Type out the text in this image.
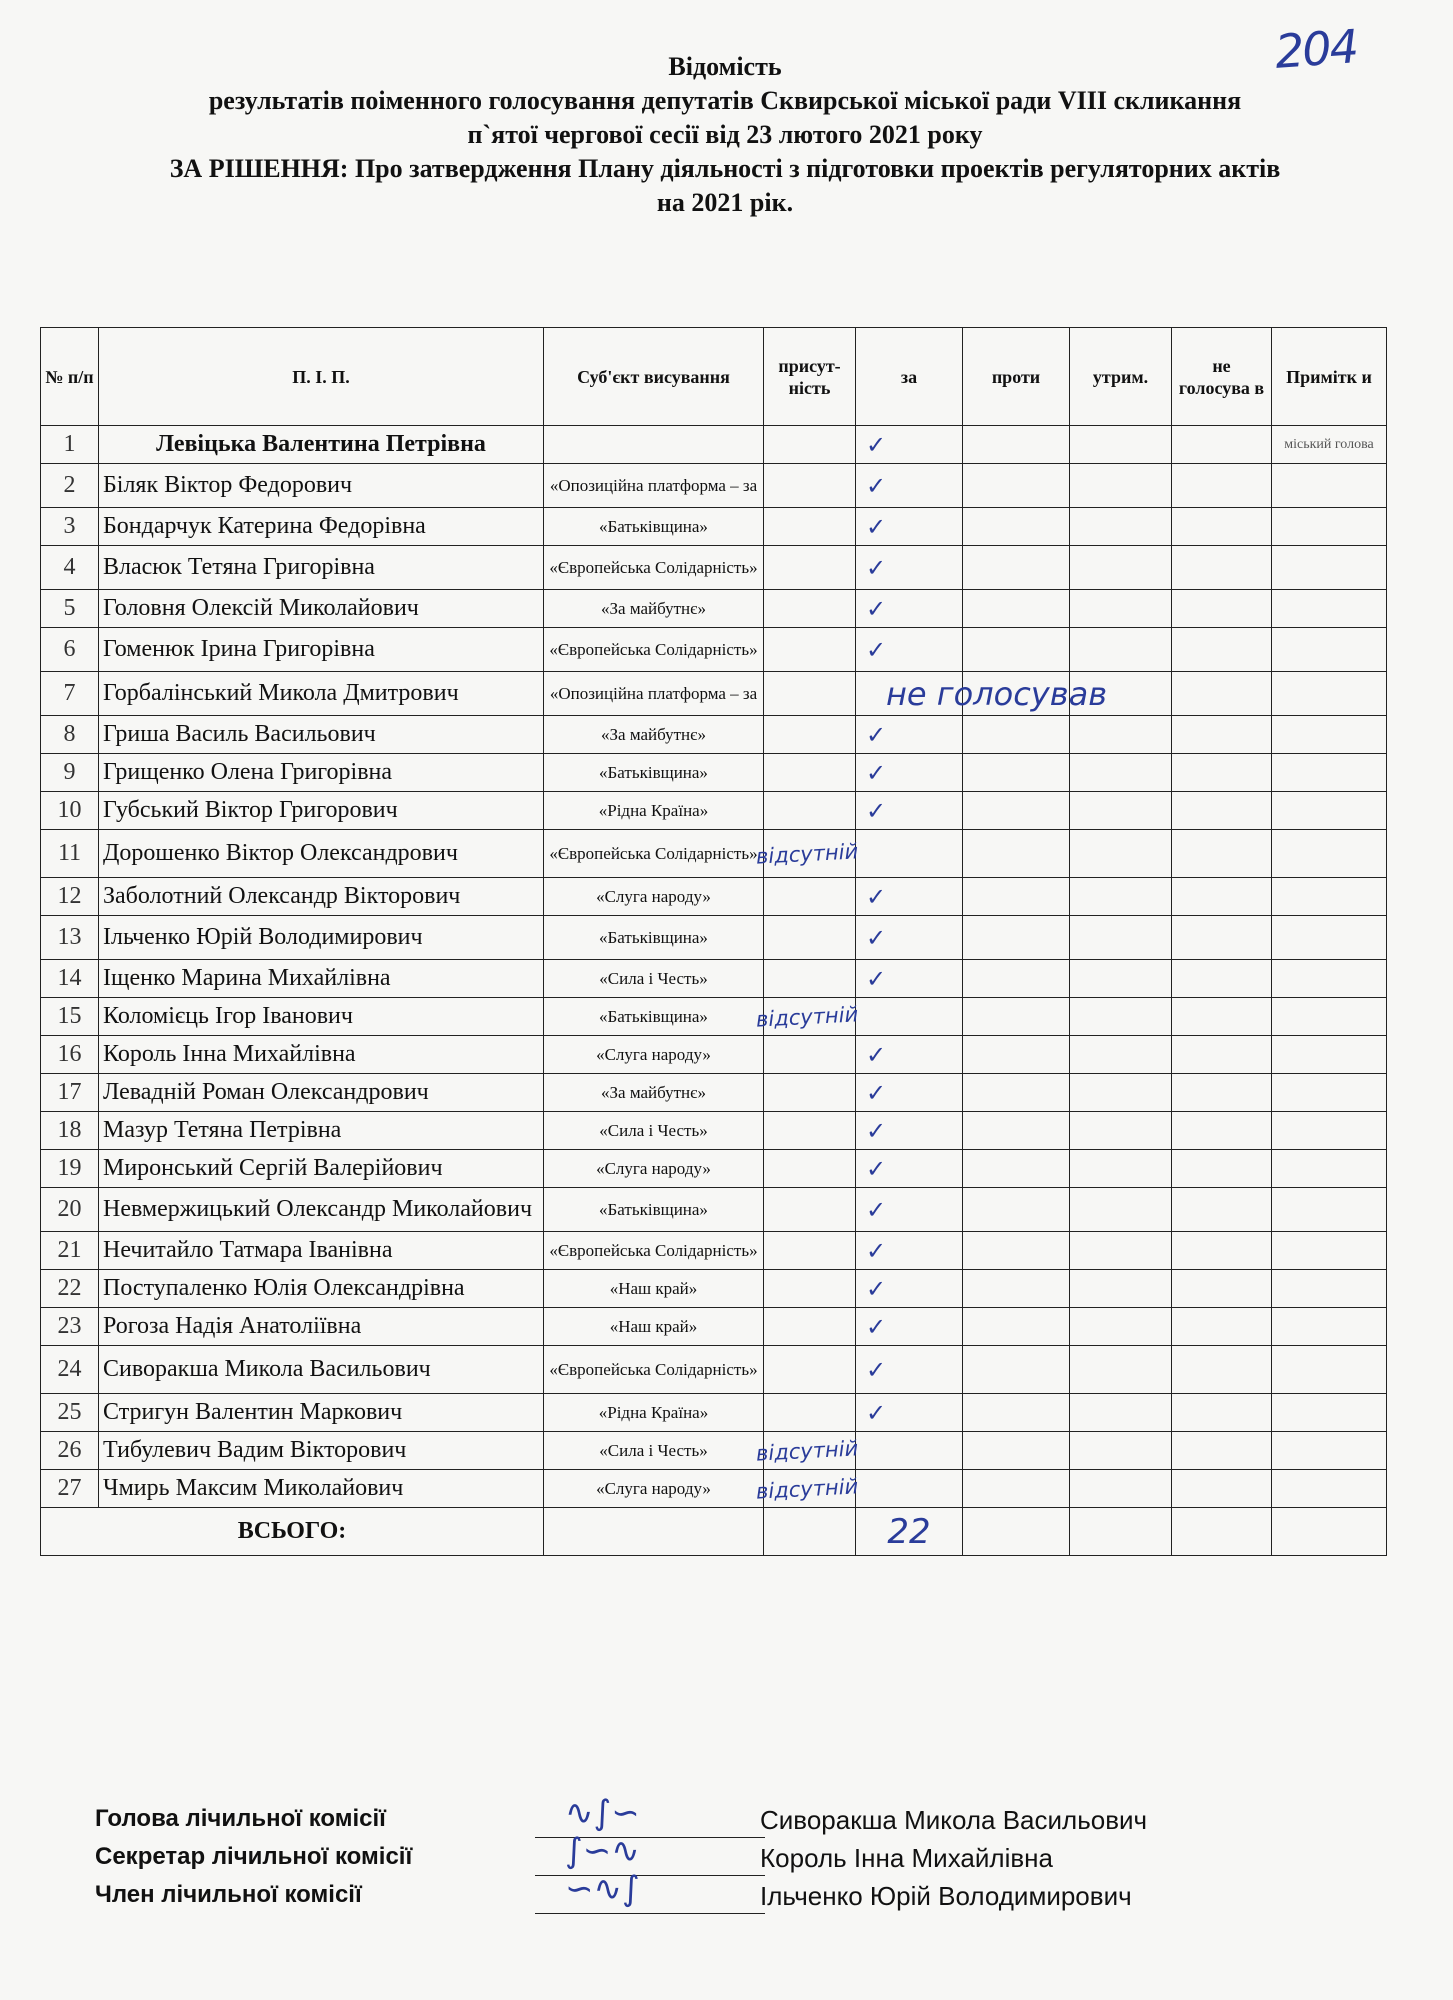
204
Відомість
результатів поіменного голосування депутатів Сквирської міської ради VIII скликання
п`ятої чергової сесії від 23 лютого 2021 року
ЗА РІШЕННЯ: Про затвердження Плану діяльності з підготовки проектів регуляторних актів
на 2021 рік.
№ п/п	П. І. П.	Суб'єкт висування	присут-ність	за	проти	утрим.	не голосува в	Примітк и
1	Левіцька Валентина Петрівна			✓				міський голова
2	Біляк Віктор Федорович	«Опозиційна платформа – за		✓				

3	Бондарчук Катерина Федорівна	«Батьківщина»		✓				

4	Власюк Тетяна Григорівна	«Європейська Солідарність»		✓				

5	Головня Олексій Миколайович	«За майбутнє»		✓				

6	Гоменюк Ірина Григорівна	«Європейська Солідарність»		✓				

7	Горбалінський Микола Дмитрович	«Опозиційна платформа – за		не голосував				

8	Гриша Василь Васильович	«За майбутнє»		✓				

9	Грищенко Олена Григорівна	«Батьківщина»		✓				

10	Губський Віктор Григорович	«Рідна Країна»		✓				

11	Дорошенко Віктор Олександрович	«Європейська Солідарність»		відсутній				

12	Заболотний Олександр Вікторович	«Слуга народу»		✓				

13	Ільченко Юрій Володимирович	«Батьківщина»		✓				

14	Іщенко Марина Михайлівна	«Сила і Честь»		✓				

15	Коломієць Ігор Іванович	«Батьківщина»		відсутній				

16	Король Інна Михайлівна	«Слуга народу»		✓				

17	Левадній Роман Олександрович	«За майбутнє»		✓				

18	Мазур Тетяна Петрівна	«Сила і Честь»		✓				

19	Миронський Сергій Валерійович	«Слуга народу»		✓				

20	Невмержицький Олександр Миколайович	«Батьківщина»		✓				

21	Нечитайло Татмара Іванівна	«Європейська Солідарність»		✓				

22	Поступаленко Юлія Олександрівна	«Наш край»		✓				

23	Рогоза Надія Анатоліївна	«Наш край»		✓				

24	Сиворакша Микола Васильович	«Європейська Солідарність»		✓				

25	Стригун Валентин Маркович	«Рідна Країна»		✓				

26	Тибулевич Вадим Вікторович	«Сила і Честь»		відсутній				

27	Чмирь Максим Миколайович	«Слуга народу»		відсутній				

ВСЬОГО:				22				
Голова лічильної комісії	∿∫∽	Сиворакша Микола Васильович
Секретар лічильної комісії	∫∽∿	Король Інна Михайлівна
Член лічильної комісії	∽∿∫	Ільченко Юрій Володимирович
